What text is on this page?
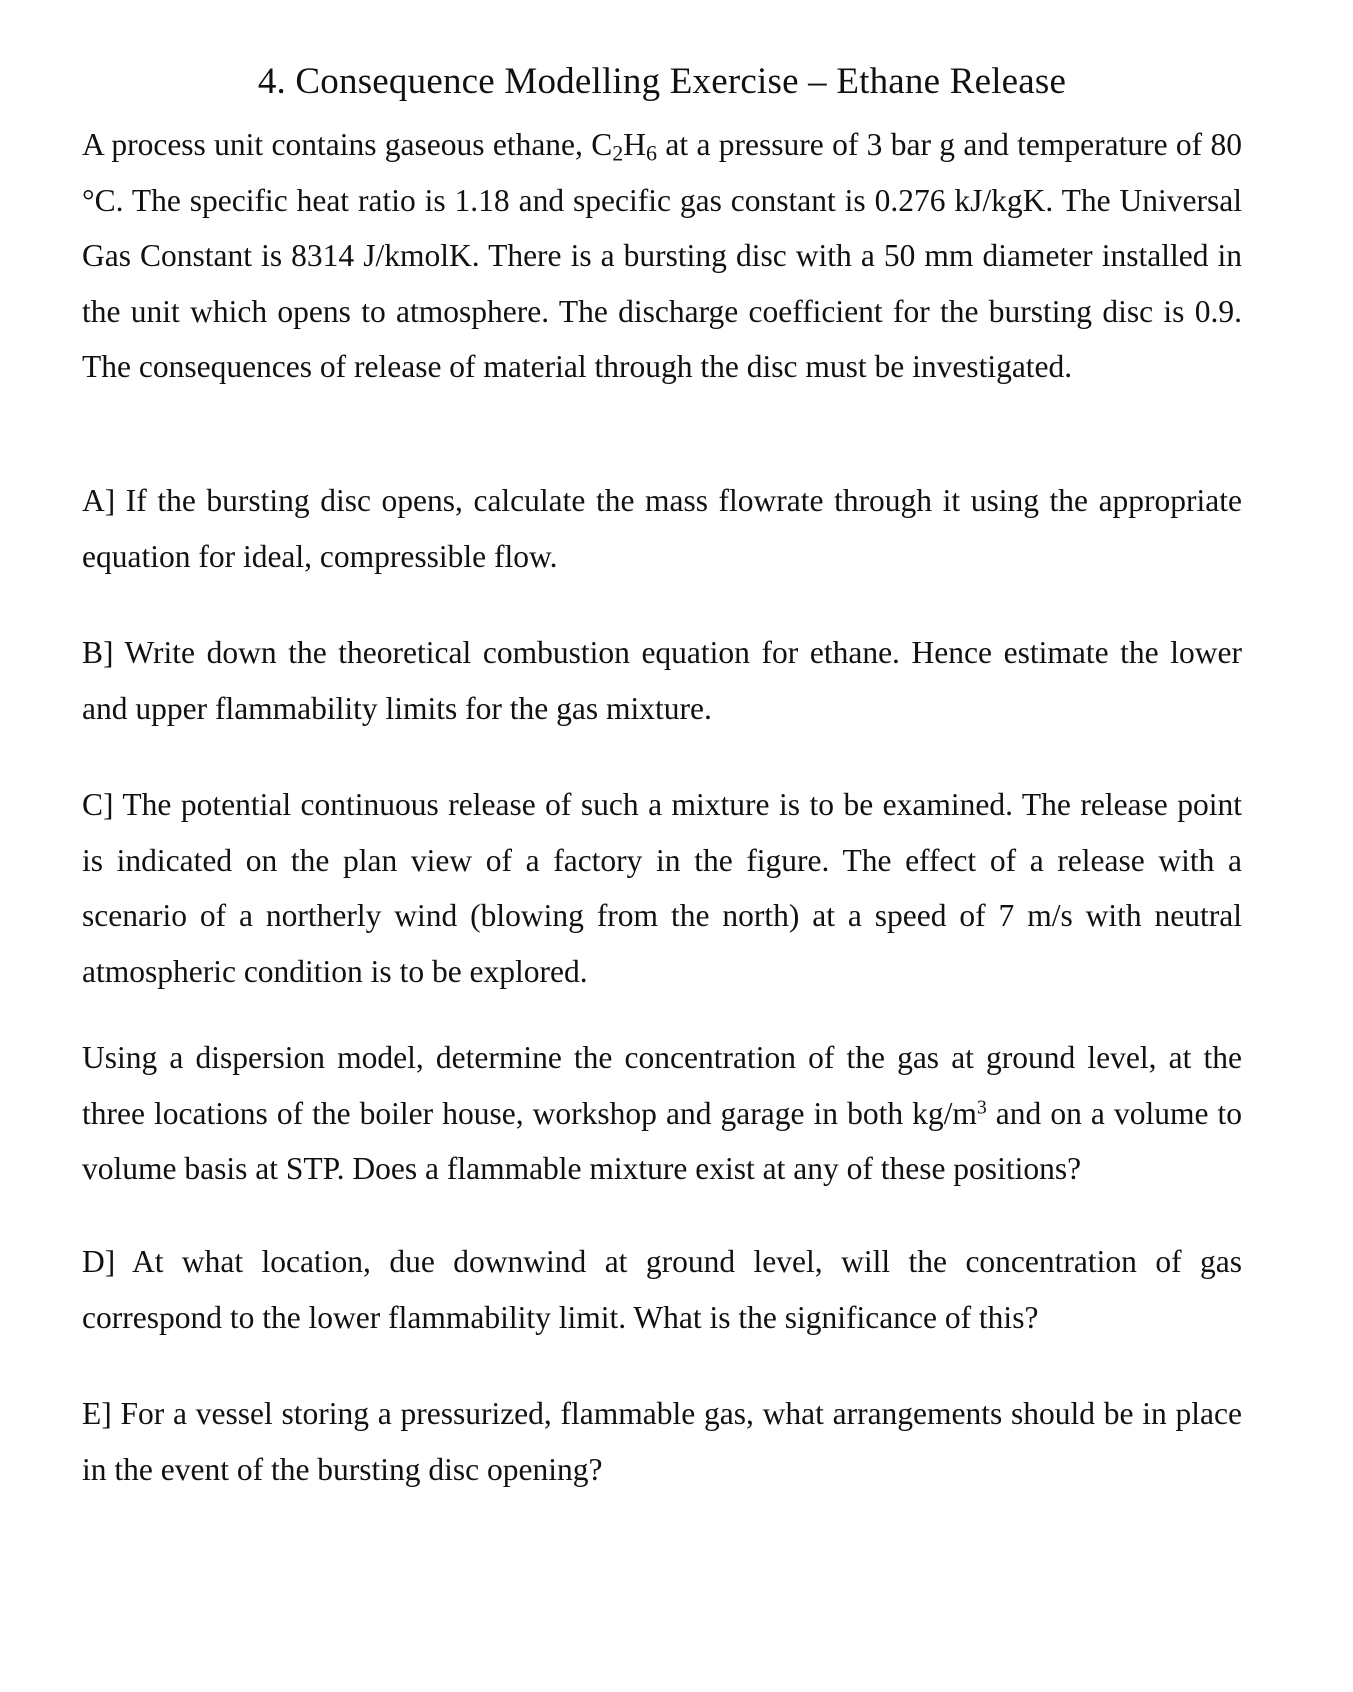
4. Consequence Modelling Exercise – Ethane Release

A process unit contains gaseous ethane, $C_2H_6$ at a pressure of 3 bar g and temperature of 80 °C. The specific heat ratio is 1.18 and specific gas constant is 0.276 kJ/kgK. The Universal Gas Constant is 8314 J/kmolK. There is a bursting disc with a 50 mm diameter installed in the unit which opens to atmosphere. The discharge coefficient for the bursting disc is 0.9. The consequences of release of material through the disc must be investigated.

A] If the bursting disc opens, calculate the mass flowrate through it using the appropriate equation for ideal, compressible flow.

B] Write down the theoretical combustion equation for ethane. Hence estimate the lower and upper flammability limits for the gas mixture.

C] The potential continuous release of such a mixture is to be examined. The release point is indicated on the plan view of a factory in the figure. The effect of a release with a scenario of a northerly wind (blowing from the north) at a speed of 7 m/s with neutral atmospheric condition is to be explored.

Using a dispersion model, determine the concentration of the gas at ground level, at the three locations of the boiler house, workshop and garage in both $kg/m^3$ and on a volume to volume basis at STP. Does a flammable mixture exist at any of these positions?

D] At what location, due downwind at ground level, will the concentration of gas correspond to the lower flammability limit. What is the significance of this?

E] For a vessel storing a pressurized, flammable gas, what arrangements should be in place in the event of the bursting disc opening?
